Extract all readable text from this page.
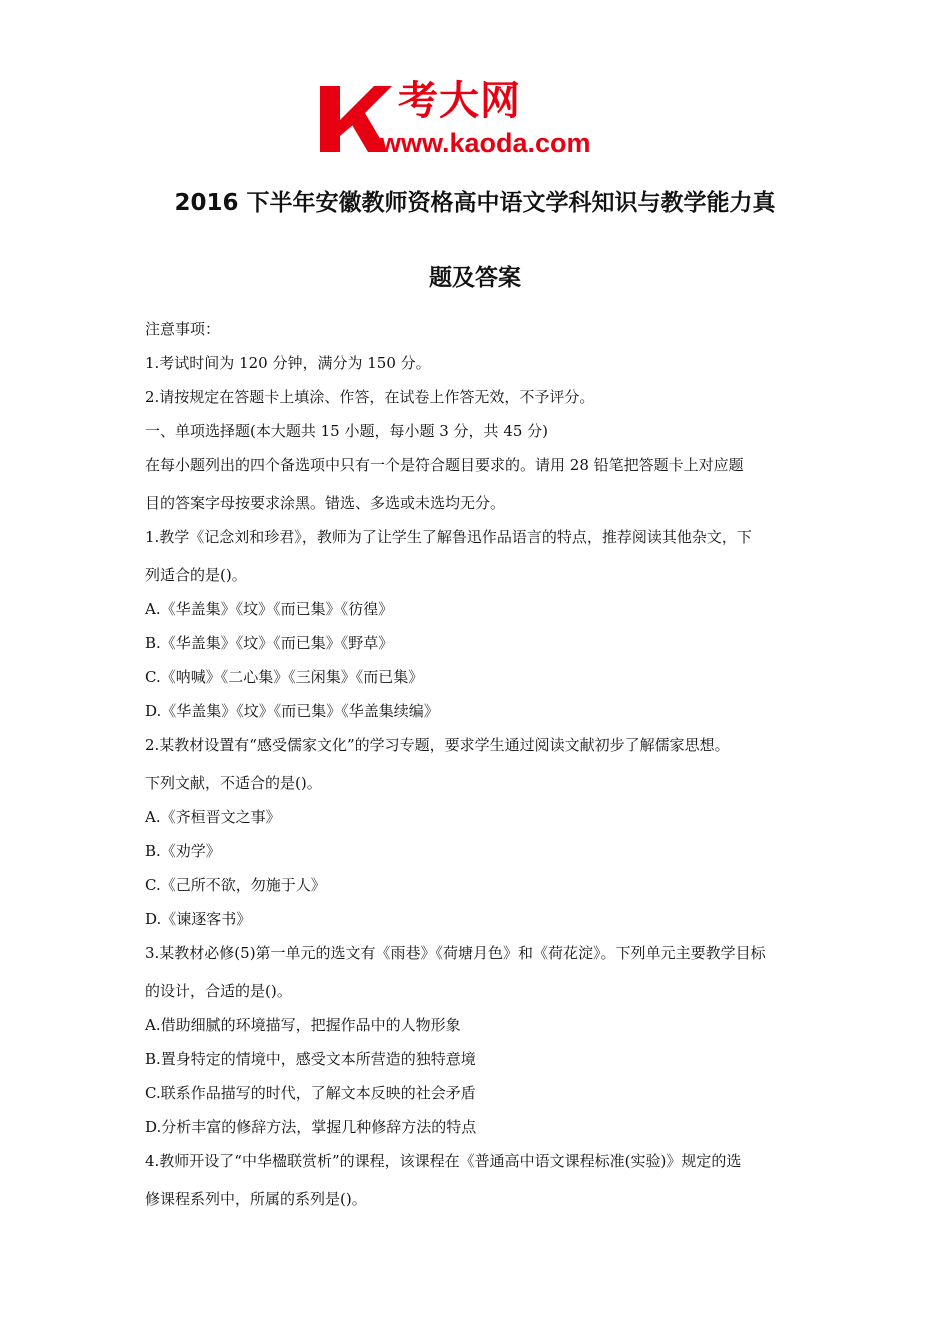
考大网
www.kaoda.com
2016 下半年安徽教师资格高中语文学科知识与教学能力真
题及答案
注意事项：
1.考试时间为 120 分钟，满分为 150 分。
2.请按规定在答题卡上填涂、作答，在试卷上作答无效，不予评分。
一、单项选择题(本大题共 15 小题，每小题 3 分，共 45 分)
在每小题列出的四个备选项中只有一个是符合题目要求的。请用 28 铅笔把答题卡上对应题
目的答案字母按要求涂黑。错选、多选或未选均无分。
1.教学《记念刘和珍君》，教师为了让学生了解鲁迅作品语言的特点，推荐阅读其他杂文，下
列适合的是()。
A.《华盖集》《坟》《而已集》《彷徨》
B.《华盖集》《坟》《而已集》《野草》
C.《呐喊》《二心集》《三闲集》《而已集》
D.《华盖集》《坟》《而已集》《华盖集续编》
2.某教材设置有“感受儒家文化”的学习专题，要求学生通过阅读文献初步了解儒家思想。
下列文献，不适合的是()。
A.《齐桓晋文之事》
B.《劝学》
C.《己所不欲，勿施于人》
D.《谏逐客书》
3.某教材必修(5)第一单元的选文有《雨巷》《荷塘月色》和《荷花淀》。下列单元主要教学目标
的设计，合适的是()。
A.借助细腻的环境描写，把握作品中的人物形象
B.置身特定的情境中，感受文本所营造的独特意境
C.联系作品描写的时代，了解文本反映的社会矛盾
D.分析丰富的修辞方法，掌握几种修辞方法的特点
4.教师开设了“中华楹联赏析”的课程，该课程在《普通高中语文课程标准(实验)》规定的选
修课程系列中，所属的系列是()。
